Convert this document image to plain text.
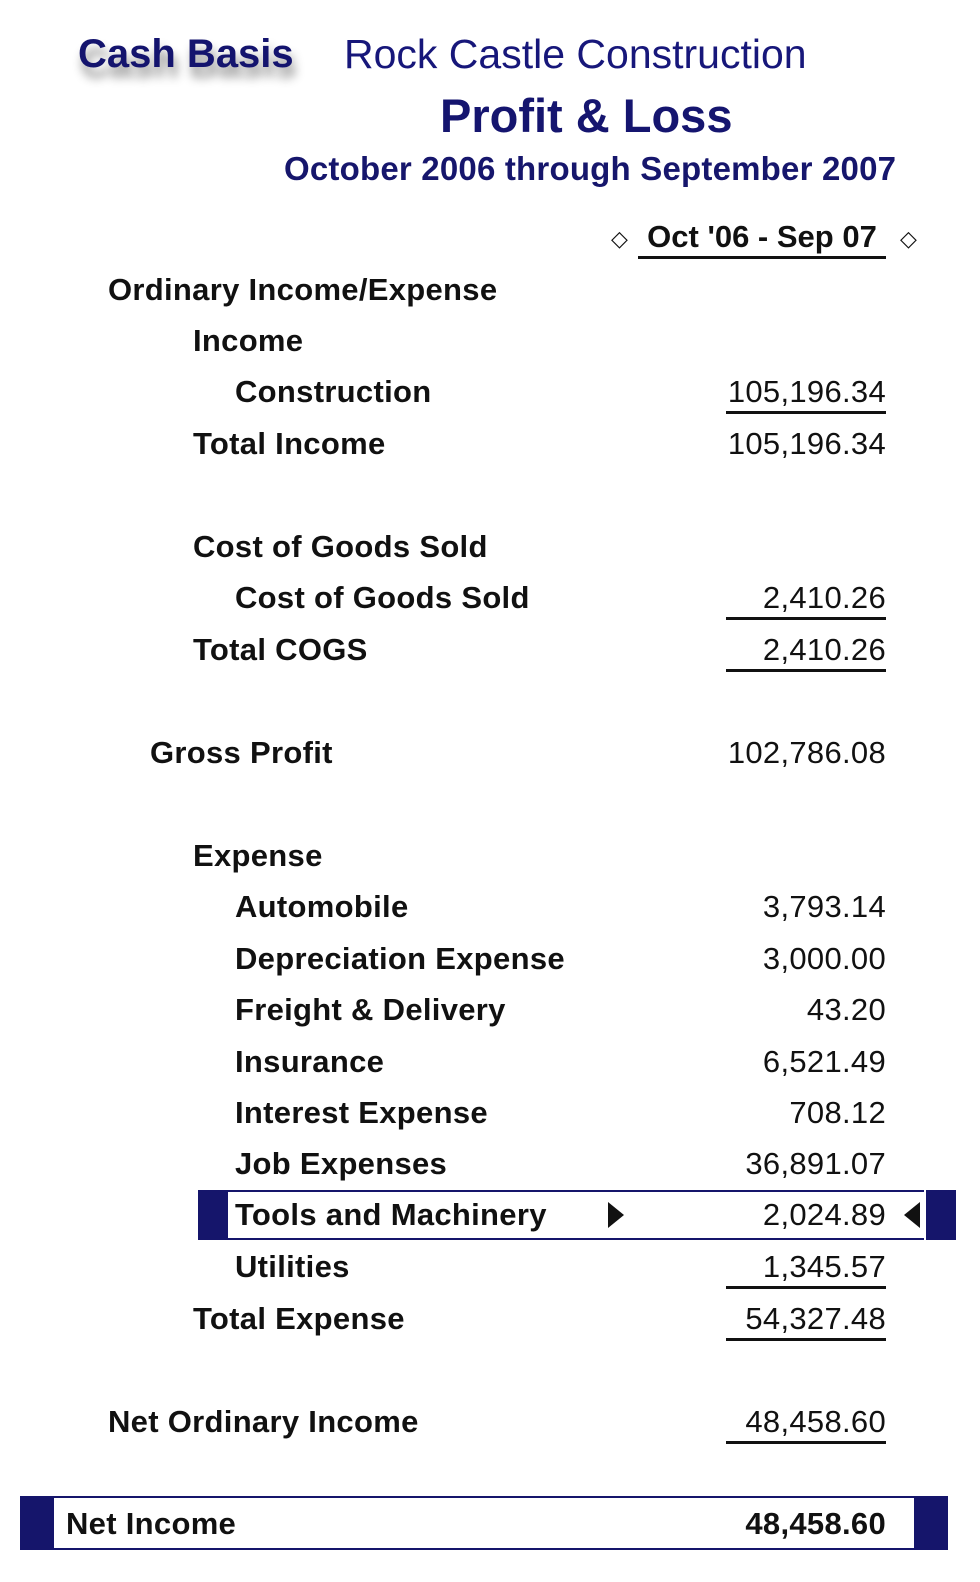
Cash Basis Rock Castle Construction
Profit & Loss
October 2006 through September 2007
◇ Oct '06 - Sep 07	◇
Ordinary Income/Expense
Income
Construction	105,196.34
Total Income	105,196.34
Cost of Goods Sold
Cost of Goods Sold	2,410.26
Total COGS	2,410.26
Gross Profit	102,786.08
Expense
Automobile	3,793.14
Depreciation Expense	3,000.00
Freight & Delivery	43.20
Insurance	6,521.49
Interest Expense	708.12
Job Expenses	36,891.07
Tools and Machinery	2,024.89
Utilities	1,345.57
Total Expense	54,327.48
Net Ordinary Income	48,458.60
Net Income	48,458.60
